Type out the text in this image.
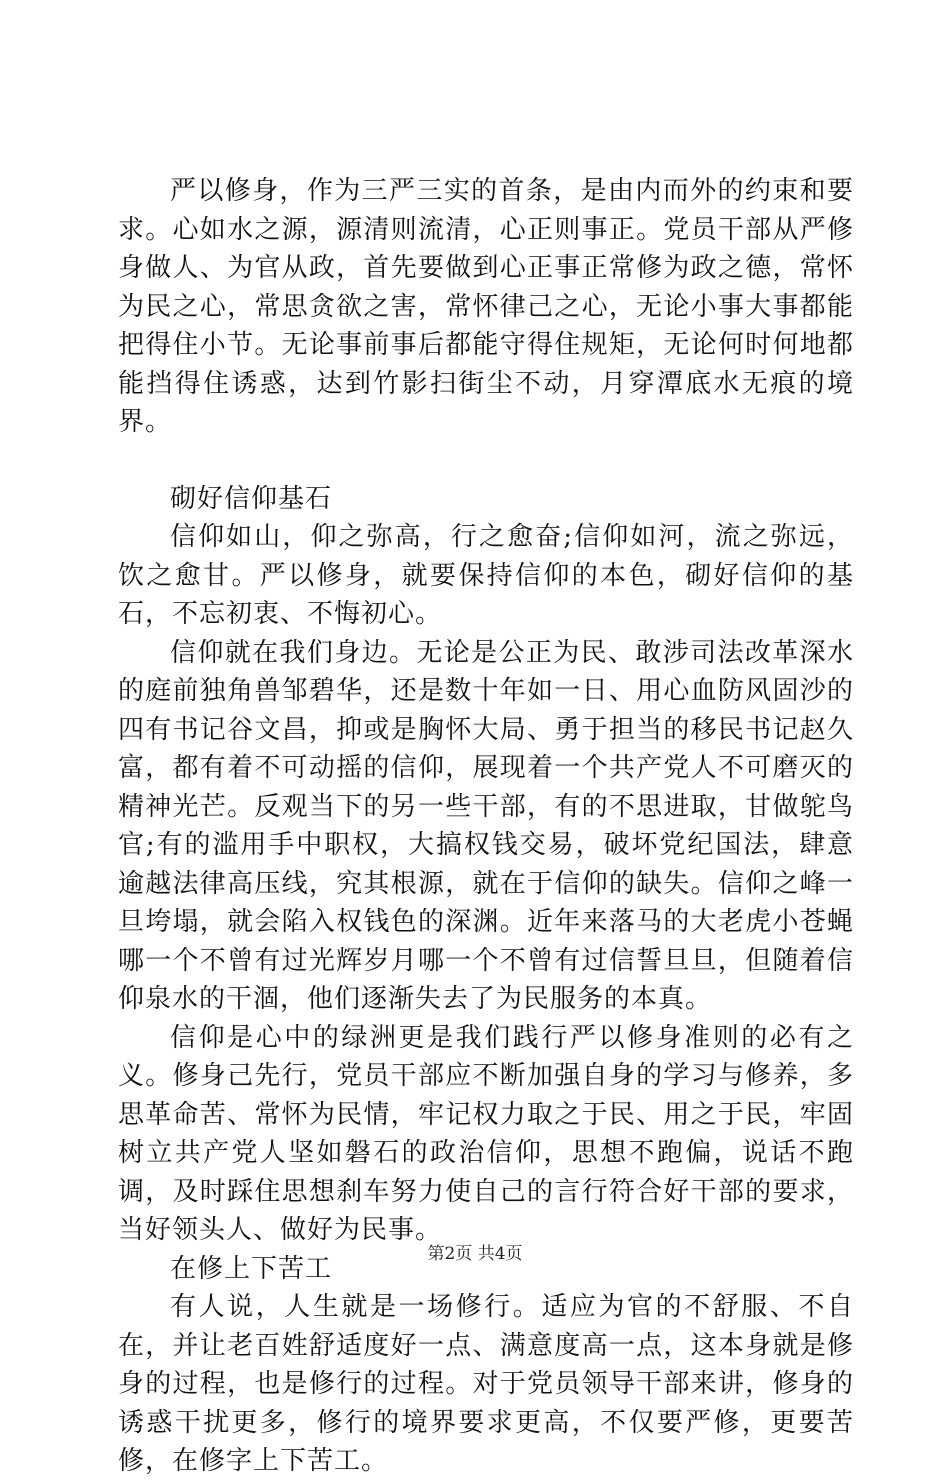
严以修身，作为三严三实的首条，是由内而外的约束和要求。心如水之源，源清则流清，心正则事正。党员干部从严修身做人、为官从政，首先要做到心正事正常修为政之德，常怀为民之心，常思贪欲之害，常怀律己之心，无论小事大事都能把得住小节。无论事前事后都能守得住规矩，无论何时何地都能挡得住诱惑，达到竹影扫街尘不动，月穿潭底水无痕的境界。

砌好信仰基石

信仰如山，仰之弥高，行之愈奋;信仰如河，流之弥远，饮之愈甘。严以修身，就要保持信仰的本色，砌好信仰的基石，不忘初衷、不悔初心。

信仰就在我们身边。无论是公正为民、敢涉司法改革深水的庭前独角兽邹碧华，还是数十年如一日、用心血防风固沙的四有书记谷文昌，抑或是胸怀大局、勇于担当的移民书记赵久富，都有着不可动摇的信仰，展现着一个共产党人不可磨灭的精神光芒。反观当下的另一些干部，有的不思进取，甘做鸵鸟官;有的滥用手中职权，大搞权钱交易，破坏党纪国法，肆意逾越法律高压线，究其根源，就在于信仰的缺失。信仰之峰一旦垮塌，就会陷入权钱色的深渊。近年来落马的大老虎小苍蝇哪一个不曾有过光辉岁月哪一个不曾有过信誓旦旦，但随着信仰泉水的干涸，他们逐渐失去了为民服务的本真。

信仰是心中的绿洲更是我们践行严以修身准则的必有之义。修身己先行，党员干部应不断加强自身的学习与修养，多思革命苦、常怀为民情，牢记权力取之于民、用之于民，牢固树立共产党人坚如磐石的政治信仰，思想不跑偏，说话不跑调，及时踩住思想刹车努力使自己的言行符合好干部的要求，当好领头人、做好为民事。

在修上下苦工

有人说，人生就是一场修行。适应为官的不舒服、不自在，并让老百姓舒适度好一点、满意度高一点，这本身就是修身的过程，也是修行的过程。对于党员领导干部来讲，修身的诱惑干扰更多，修行的境界要求更高，不仅要严修，更要苦修，在修字上下苦工。

第2页 共4页
